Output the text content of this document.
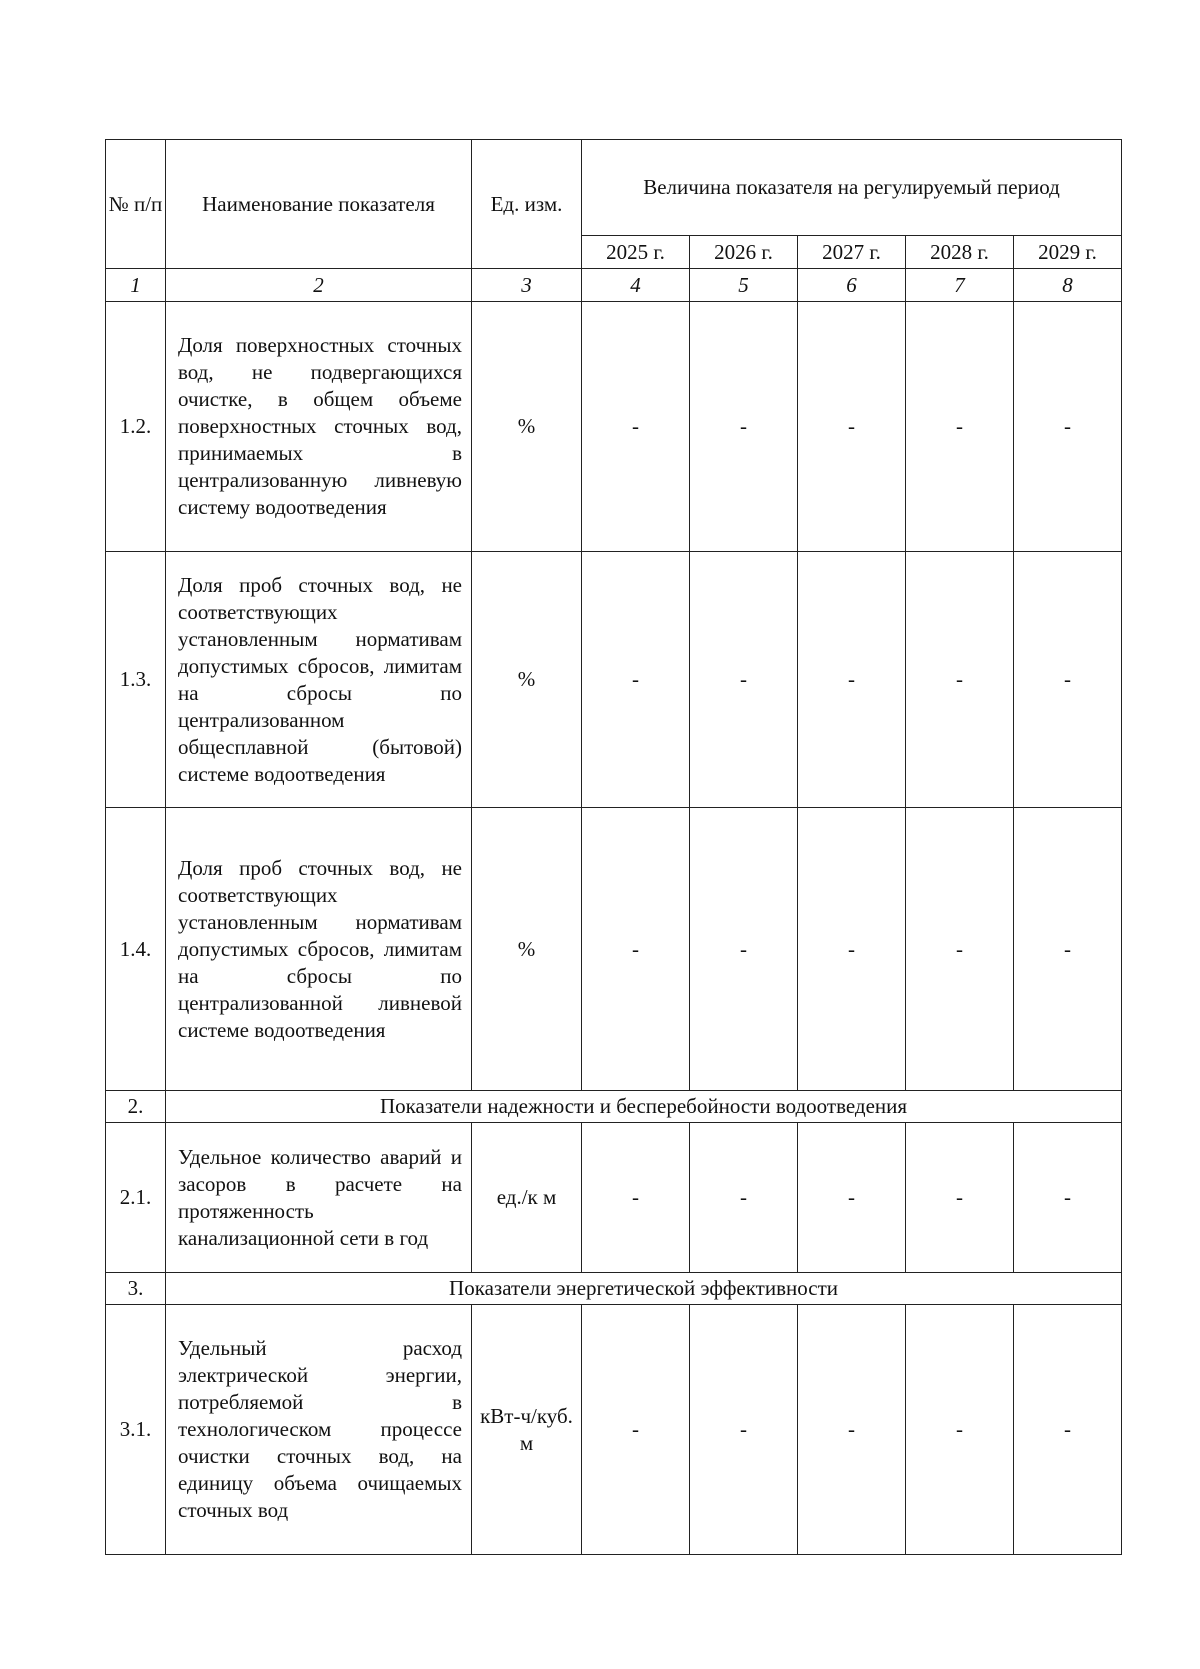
№ п/п	Наименование показателя	Ед. изм.	Величина показателя на регулируемый период				
			2025 г.	2026 г.	2027 г.	2028 г.	2029 г.
1	2	3	4	5	6	7	8
1.2.	Доля поверхностных сточных вод, не подвергающихся очистке, в общем объеме поверхностных сточных вод, принимаемых в централизованную ливневую систему водоотведения	%	-	-	-	-	-
1.3.	Доля проб сточных вод, не соответствующих установленным нормативам допустимых сбросов, лимитам на сбросы по централизованном общесплавной (бытовой) системе водоотведения	%	-	-	-	-	-
1.4.	Доля проб сточных вод, не соответствующих установленным нормативам допустимых сбросов, лимитам на сбросы по централизованной ливневой системе водоотведения	%	-	-	-	-	-
2.	Показатели надежности и бесперебойности водоотведения						
2.1.	Удельное количество аварий и засоров в расчете на протяженность канализационной сети в год	ед./к м	-	-	-	-	-
3.	Показатели энергетической эффективности						
3.1.	Удельный расход электрической энергии, потребляемой в технологическом процессе очистки сточных вод, на единицу объема очищаемых сточных вод	кВт-ч/куб. м	-	-	-	-	-
